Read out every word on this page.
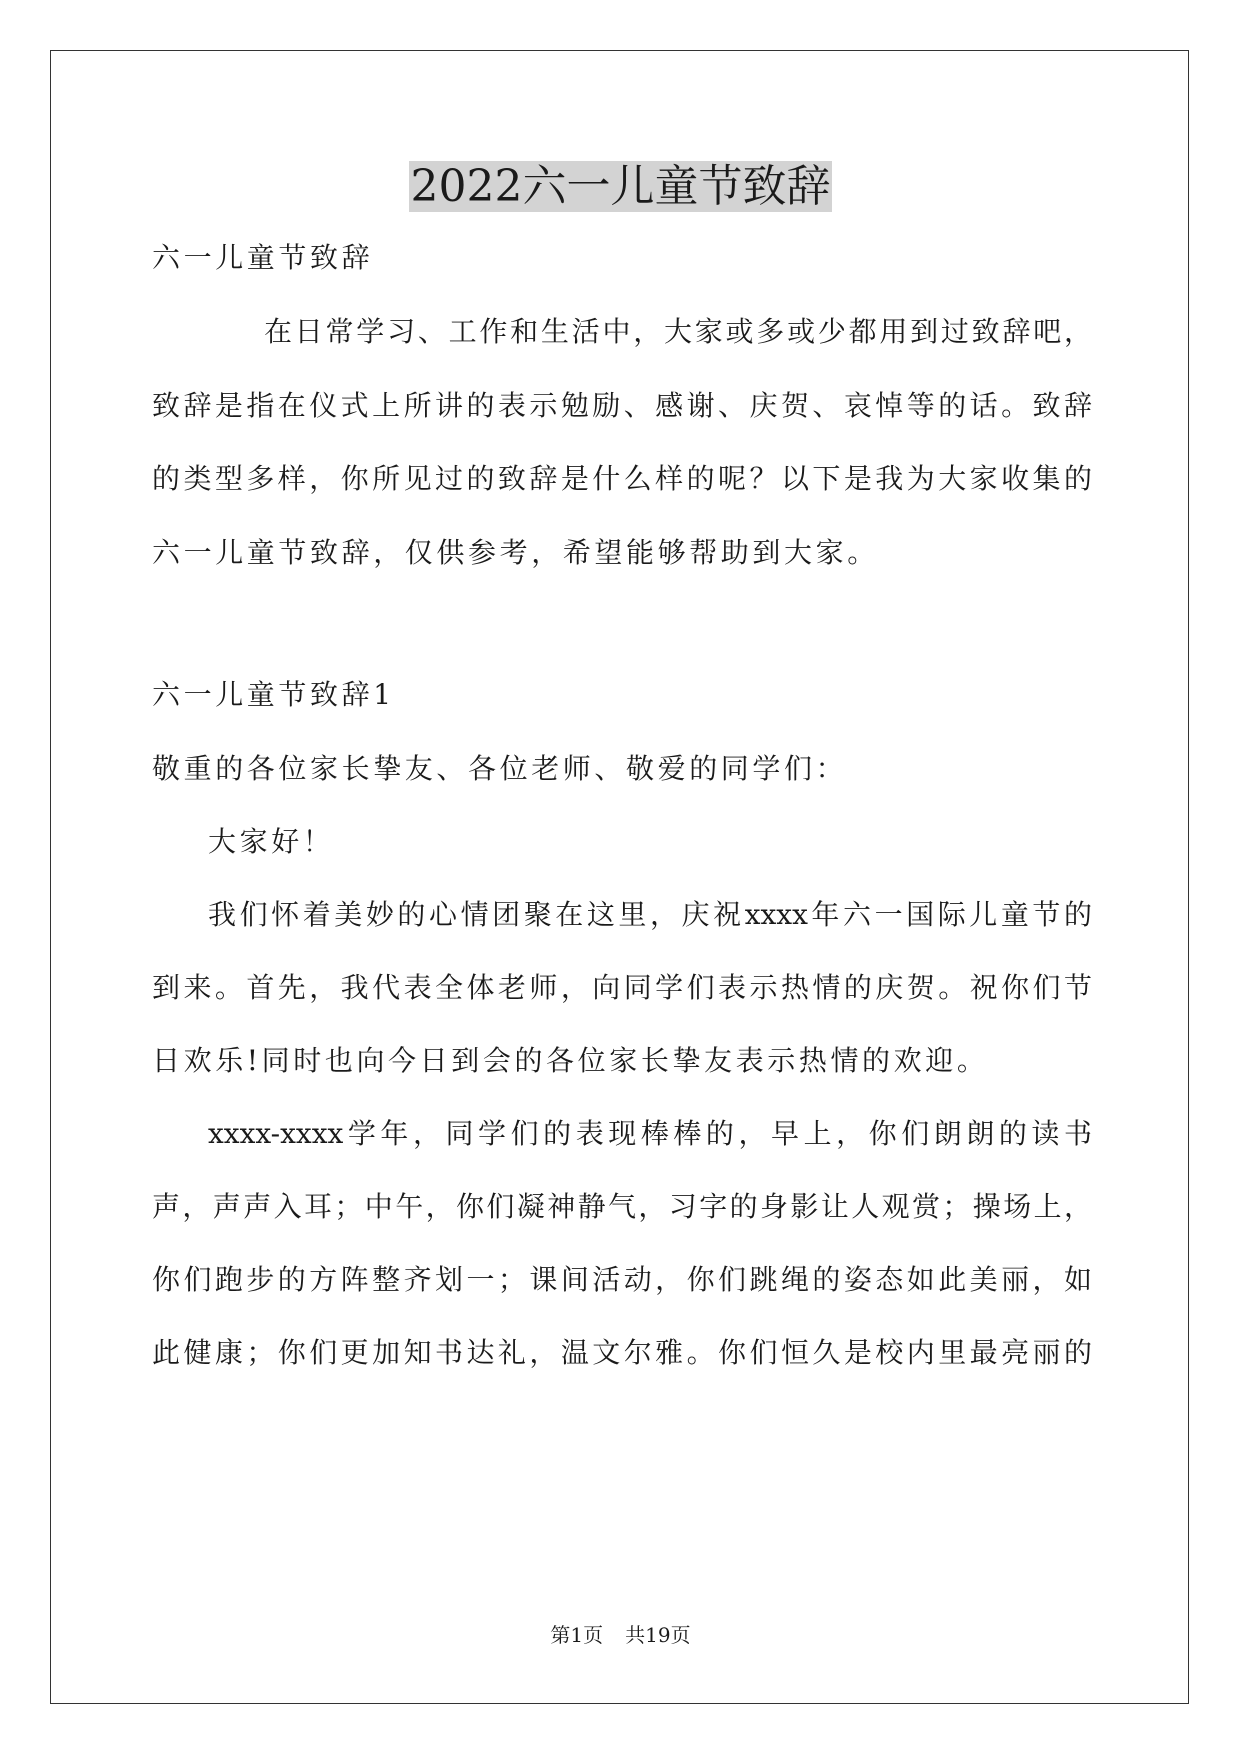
2022六一儿童节致辞
六一儿童节致辞
在日常学习、工作和生活中，大家或多或少都用到过致辞吧，
致辞是指在仪式上所讲的表示勉励、感谢、庆贺、哀悼等的话。致辞
的类型多样，你所见过的致辞是什么样的呢？以下是我为大家收集的
六一儿童节致辞，仅供参考，希望能够帮助到大家。
六一儿童节致辞1
敬重的各位家长挚友、各位老师、敬爱的同学们：
大家好！
我们怀着美妙的心情团聚在这里，庆祝xxxx年六一国际儿童节的
到来。首先，我代表全体老师，向同学们表示热情的庆贺。祝你们节
日欢乐!同时也向今日到会的各位家长挚友表示热情的欢迎。
xxxx-xxxx学年，同学们的表现棒棒的，早上，你们朗朗的读书
声，声声入耳；中午，你们凝神静气，习字的身影让人观赏；操场上，
你们跑步的方阵整齐划一；课间活动，你们跳绳的姿态如此美丽，如
此健康；你们更加知书达礼，温文尔雅。你们恒久是校内里最亮丽的
第1页 共19页
